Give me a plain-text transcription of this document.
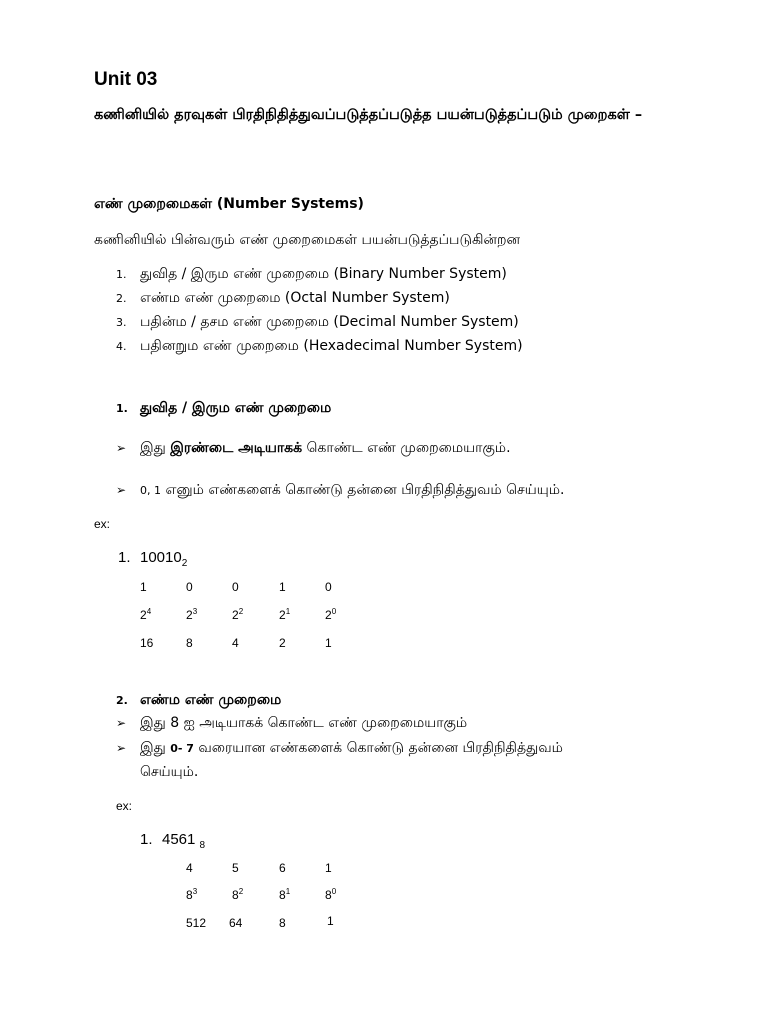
Unit 03
கணினியில் தரவுகள் பிரதிநிதித்துவப்படுத்தப்படுத்த பயன்படுத்தப்படும் முறைகள் –
எண் முறைமைகள் (Number Systems)
கணினியில் பின்வரும் எண் முறைமைகள் பயன்படுத்தப்படுகின்றன
1. துவித / இரும எண் முறைமை (Binary Number System)
2. எண்ம எண் முறைமை (Octal Number System)
3. பதின்ம / தசம எண் முறைமை (Decimal Number System)
4. பதினறும எண் முறைமை (Hexadecimal Number System)
1. துவித / இரும எண் முறைமை
➢ இது இரண்டை அடியாகக் கொண்ட எண் முறைமையாகும்.
➢ 0, 1 எனும் எண்களைக் கொண்டு தன்னை பிரதிநிதித்துவம் செய்யும்.
ex:
1. $10010_2$
1	0	0	1	0
$2^4$	$2^3$	$2^2$	$2^1$	$2^0$
16	8	4	2	1
2. எண்ம எண் முறைமை
➢ இது 8 ஐ அடியாகக் கொண்ட எண் முறைமையாகும்
➢ இது 0- 7 வரையான எண்களைக் கொண்டு தன்னை பிரதிநிதித்துவம்
செய்யும்.
ex:
1. 4561 $_8$
4	5	6	1
$8^3$	$8^2$	$8^1$	$8^0$
512 64	8	1
